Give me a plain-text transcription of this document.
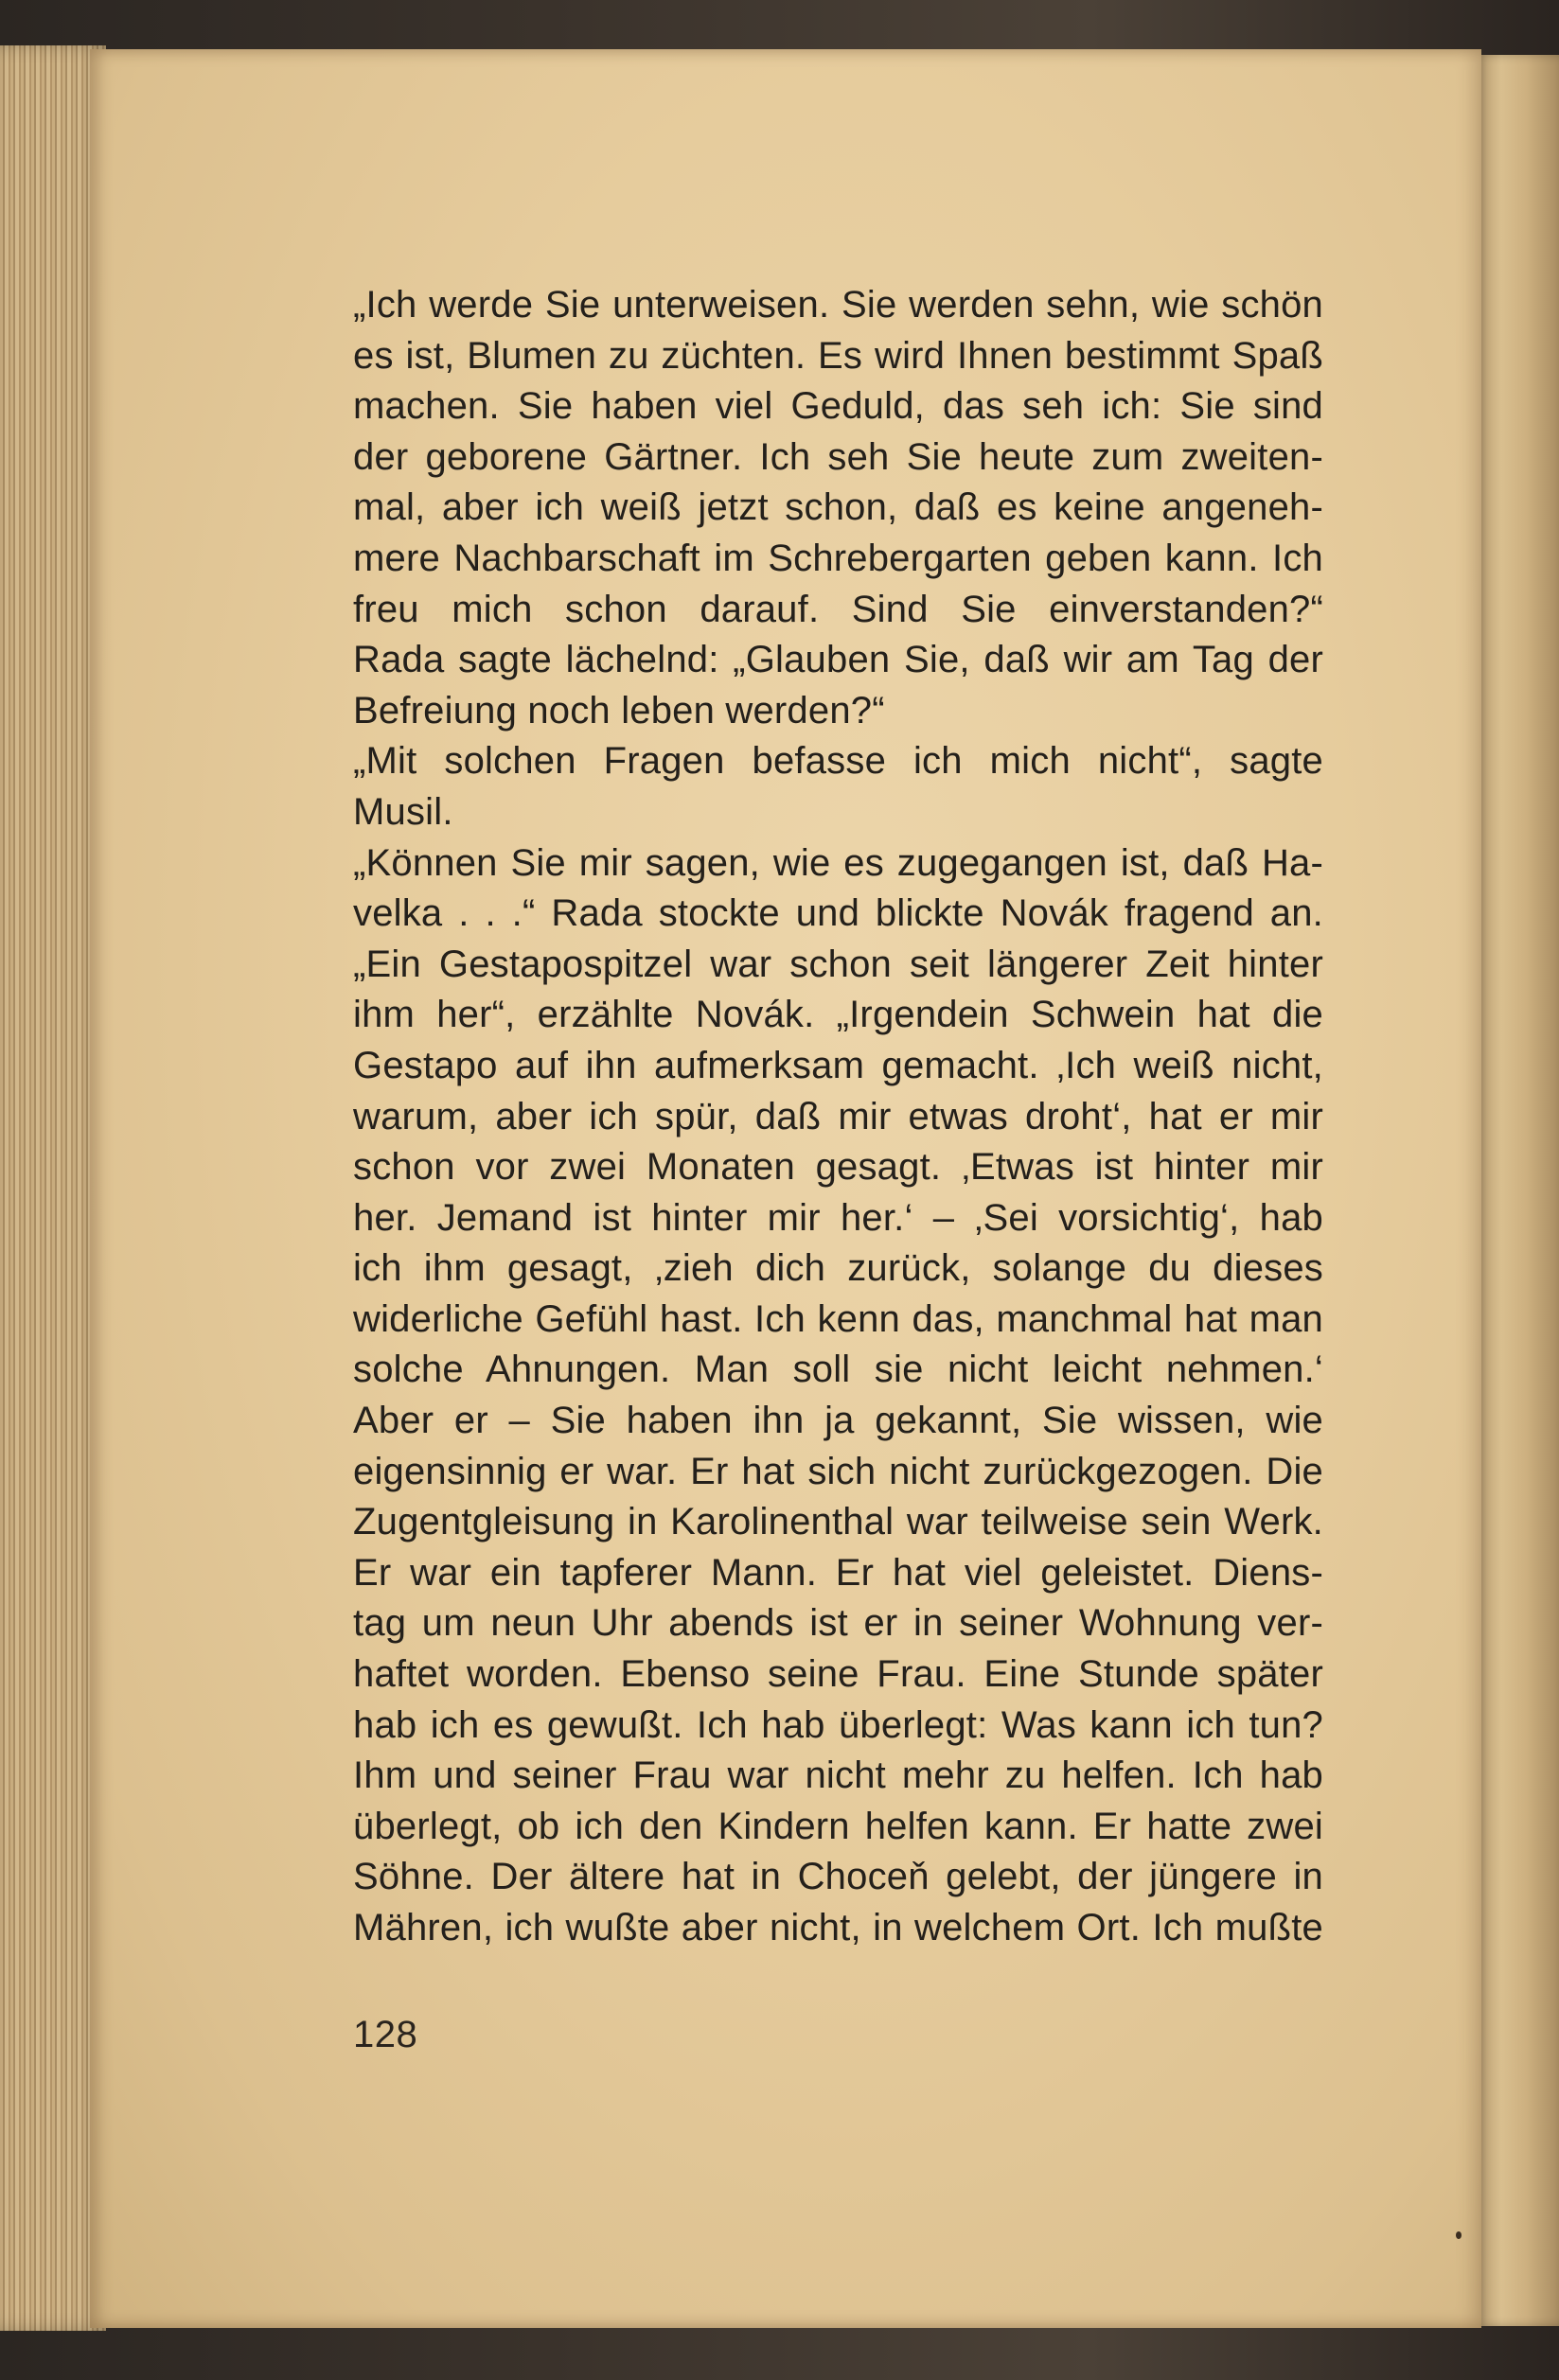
„Ich werde Sie unterweisen. Sie werden sehn, wie schön
es ist, Blumen zu züchten. Es wird Ihnen bestimmt Spaß
machen. Sie haben viel Geduld, das seh ich: Sie sind
der geborene Gärtner. Ich seh Sie heute zum zweiten-
mal, aber ich weiß jetzt schon, daß es keine angeneh-
mere Nachbarschaft im Schrebergarten geben kann. Ich
freu mich schon darauf. Sind Sie einverstanden?“
Rada sagte lächelnd: „Glauben Sie, daß wir am Tag der
Befreiung noch leben werden?“
„Mit solchen Fragen befasse ich mich nicht“, sagte
Musil.
„Können Sie mir sagen, wie es zugegangen ist, daß Ha-
velka . . .“ Rada stockte und blickte Novák fragend an.
„Ein Gestapospitzel war schon seit längerer Zeit hinter
ihm her“, erzählte Novák. „Irgendein Schwein hat die
Gestapo auf ihn aufmerksam gemacht. ‚Ich weiß nicht,
warum, aber ich spür, daß mir etwas droht‘, hat er mir
schon vor zwei Monaten gesagt. ‚Etwas ist hinter mir
her. Jemand ist hinter mir her.‘ – ‚Sei vorsichtig‘, hab
ich ihm gesagt, ‚zieh dich zurück, solange du dieses
widerliche Gefühl hast. Ich kenn das, manchmal hat man
solche Ahnungen. Man soll sie nicht leicht nehmen.‘
Aber er – Sie haben ihn ja gekannt, Sie wissen, wie
eigensinnig er war. Er hat sich nicht zurückgezogen. Die
Zugentgleisung in Karolinenthal war teilweise sein Werk.
Er war ein tapferer Mann. Er hat viel geleistet. Diens-
tag um neun Uhr abends ist er in seiner Wohnung ver-
haftet worden. Ebenso seine Frau. Eine Stunde später
hab ich es gewußt. Ich hab überlegt: Was kann ich tun?
Ihm und seiner Frau war nicht mehr zu helfen. Ich hab
überlegt, ob ich den Kindern helfen kann. Er hatte zwei
Söhne. Der ältere hat in Choceň gelebt, der jüngere in
Mähren, ich wußte aber nicht, in welchem Ort. Ich mußte
128
